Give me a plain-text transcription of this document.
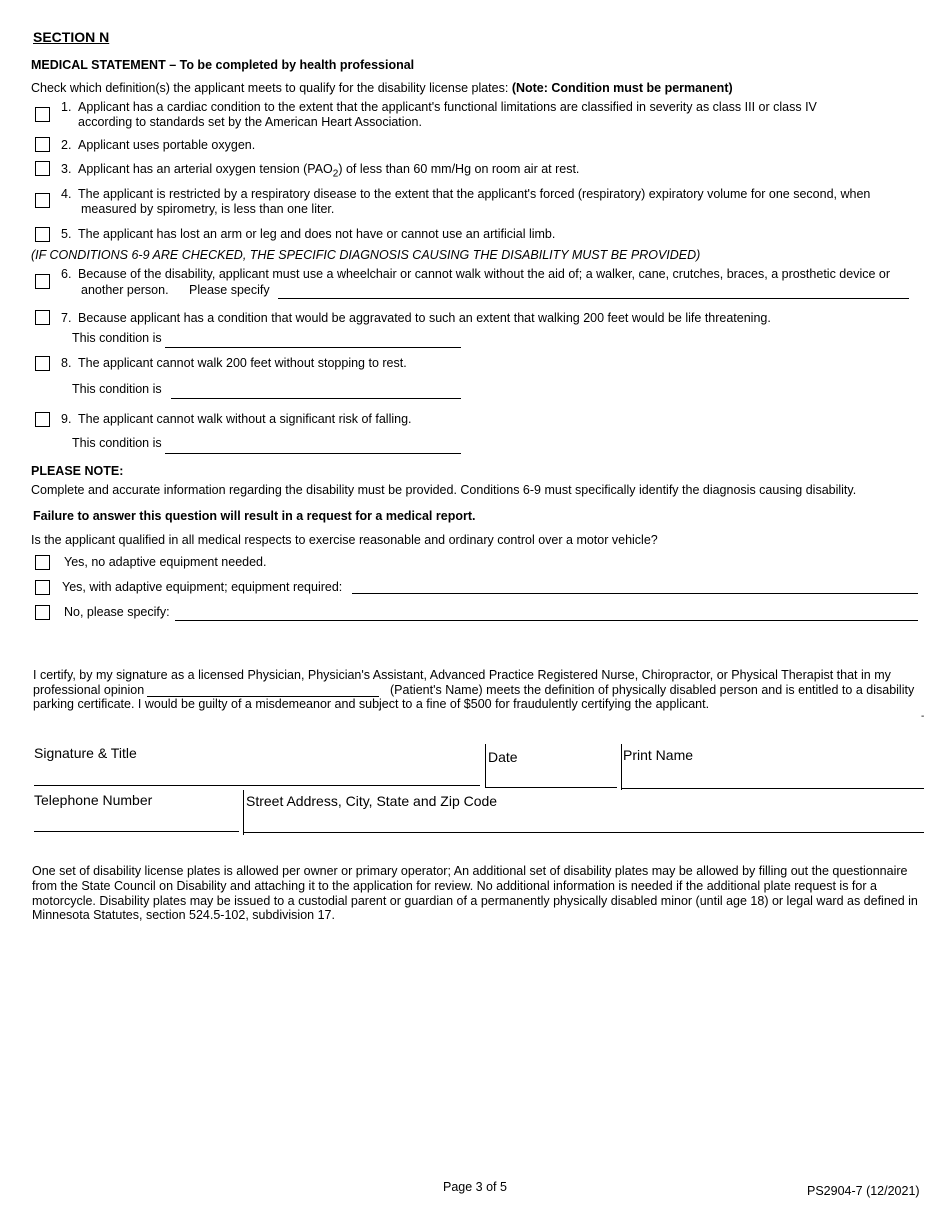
SECTION N
MEDICAL STATEMENT – To be completed by health professional
Check which definition(s) the applicant meets to qualify for the disability license plates: (Note: Condition must be permanent)
1. Applicant has a cardiac condition to the extent that the applicant's functional limitations are classified in severity as class III or class IV
according to standards set by the American Heart Association.
2. Applicant uses portable oxygen.
3. Applicant has an arterial oxygen tension $(PAO_2)$ of less than 60 mm/Hg on room air at rest.
4. The applicant is restricted by a respiratory disease to the extent that the applicant's forced (respiratory) expiratory volume for one second, when
measured by spirometry, is less than one liter.
5. The applicant has lost an arm or leg and does not have or cannot use an artificial limb.
(IF CONDITIONS 6-9 ARE CHECKED, THE SPECIFIC DIAGNOSIS CAUSING THE DISABILITY MUST BE PROVIDED)
6. Because of the disability, applicant must use a wheelchair or cannot walk without the aid of; a walker, cane, crutches, braces, a prosthetic device or
another person. Please specify
7. Because applicant has a condition that would be aggravated to such an extent that walking 200 feet would be life threatening.
This condition is
8. The applicant cannot walk 200 feet without stopping to rest.
This condition is
9. The applicant cannot walk without a significant risk of falling.
This condition is
PLEASE NOTE:
Complete and accurate information regarding the disability must be provided. Conditions 6-9 must specifically identify the diagnosis causing disability.
Failure to answer this question will result in a request for a medical report.
Is the applicant qualified in all medical respects to exercise reasonable and ordinary control over a motor vehicle?
Yes, no adaptive equipment needed.
Yes, with adaptive equipment; equipment required:
No, please specify:
I certify, by my signature as a licensed Physician, Physician's Assistant, Advanced Practice Registered Nurse, Chiropractor, or Physical Therapist that in my
professional opinion	(Patient's Name) meets the definition of physically disabled person and is entitled to a disability
parking certificate. I would be guilty of a misdemeanor and subject to a fine of $500 for fraudulently certifying the applicant.
-
Signature & Title	Date	Print Name
Telephone Number	Street Address, City, State and Zip Code
One set of disability license plates is allowed per owner or primary operator; An additional set of disability plates may be allowed by filling out the questionnaire
from the State Council on Disability and attaching it to the application for review. No additional information is needed if the additional plate request is for a
motorcycle. Disability plates may be issued to a custodial parent or guardian of a permanently physically disabled minor (until age 18) or legal ward as defined in
Minnesota Statutes, section 524.5-102, subdivision 17.
Page 3 of 5	PS2904-7 (12/2021)
